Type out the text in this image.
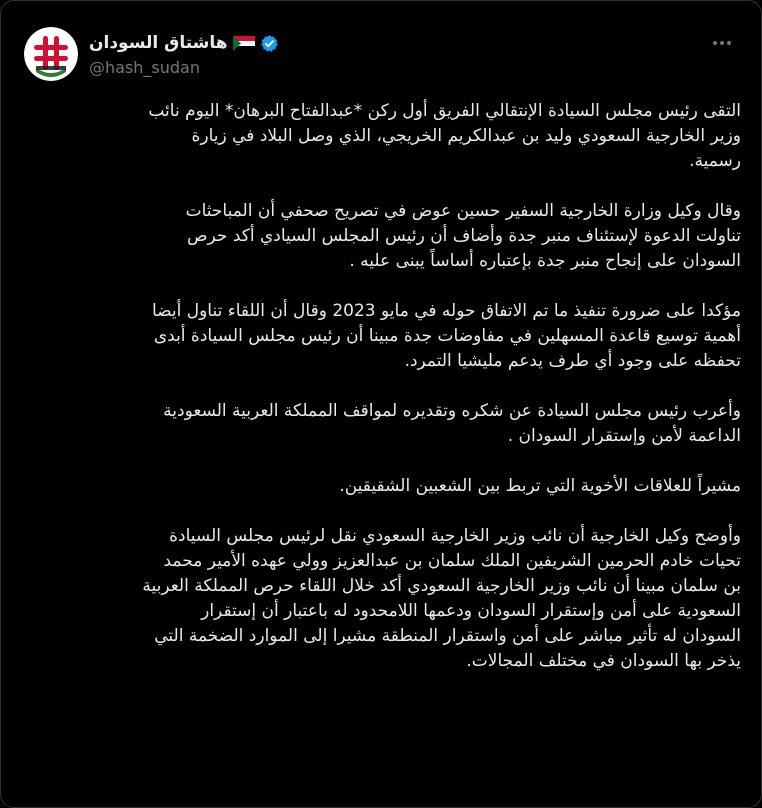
هاشتاق السودان
@hash_sudan

التقى رئيس مجلس السيادة الإنتقالي الفريق أول ركن *عبدالفتاح البرهان* اليوم نائب
وزير الخارجية السعودي وليد بن عبدالكريم الخريجي، الذي وصل البلاد في زيارة
رسمية.

وقال وكيل وزارة الخارجية السفير حسين عوض في تصريح صحفي أن المباحثات
تناولت الدعوة لإستئناف منبر جدة وأضاف أن رئيس المجلس السيادي أكد حرص
السودان على إنجاح منبر جدة بإعتباره أساساً يبنى عليه .

مؤكدا على ضرورة تنفيذ ما تم الاتفاق حوله في مايو 2023 وقال أن اللقاء تناول أيضا
أهمية توسيع قاعدة المسهلين في مفاوضات جدة مبينا أن رئيس مجلس السيادة أبدى
تحفظه على وجود أي طرف يدعم مليشيا التمرد.

وأعرب رئيس مجلس السيادة عن شكره وتقديره لمواقف المملكة العربية السعودية
الداعمة لأمن وإستقرار السودان .

مشيراً للعلاقات الأخوية التي تربط بين الشعبين الشقيقين.

وأوضح وكيل الخارجية أن نائب وزير الخارجية السعودي نقل لرئيس مجلس السيادة
تحيات خادم الحرمين الشريفين الملك سلمان بن عبدالعزيز وولي عهده الأمير محمد
بن سلمان مبينا أن نائب وزير الخارجية السعودي أكد خلال اللقاء حرص المملكة العربية
السعودية على أمن وإستقرار السودان ودعمها اللامحدود له باعتبار أن إستقرار
السودان له تأثير مباشر على أمن واستقرار المنطقة مشيرا إلى الموارد الضخمة التي
يذخر بها السودان في مختلف المجالات.
